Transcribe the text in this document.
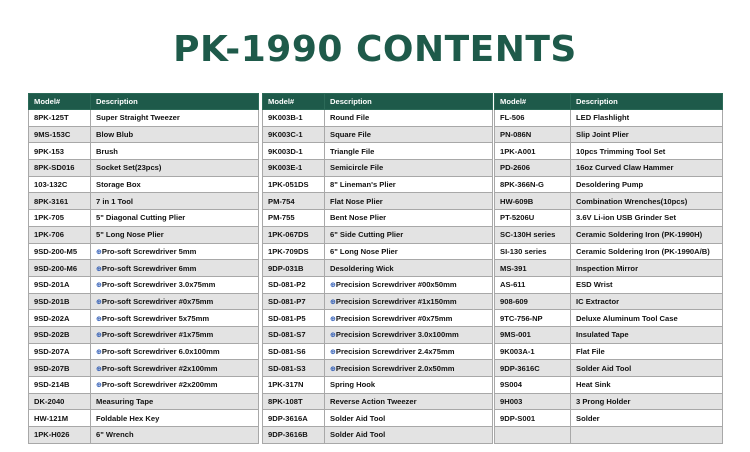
PK-1990 CONTENTS
Model#	Description
8PK-125T	Super Straight Tweezer
9MS-153C	Blow Blub
9PK-153	Brush
8PK-SD016	Socket Set(23pcs)
103-132C	Storage Box
8PK-3161	7 in 1 Tool
1PK-705	5" Diagonal Cutting Plier
1PK-706	5" Long Nose Plier
9SD-200-M5	⊕Pro-soft Screwdriver 5mm
9SD-200-M6	⊕Pro-soft Screwdriver 6mm
9SD-201A	⊕Pro-soft Screwdriver 3.0x75mm
9SD-201B	⊕Pro-soft Screwdriver #0x75mm
9SD-202A	⊕Pro-soft Screwdriver 5x75mm
9SD-202B	⊕Pro-soft Screwdriver #1x75mm
9SD-207A	⊕Pro-soft Screwdriver 6.0x100mm
9SD-207B	⊕Pro-soft Screwdriver #2x100mm
9SD-214B	⊕Pro-soft Screwdriver #2x200mm
DK-2040	Measuring Tape
HW-121M	Foldable Hex Key
1PK-H026	6" Wrench
Model#	Description
9K003B-1	Round File
9K003C-1	Square File
9K003D-1	Triangle File
9K003E-1	Semicircle File
1PK-051DS	8" Lineman's Plier
PM-754	Flat Nose Plier
PM-755	Bent Nose Plier
1PK-067DS	6" Side Cutting Plier
1PK-709DS	6" Long Nose Plier
9DP-031B	Desoldering Wick
SD-081-P2	⊕Precision Screwdriver #00x50mm
SD-081-P7	⊕Precision Screwdriver #1x150mm
SD-081-P5	⊕Precision Screwdriver #0x75mm
SD-081-S7	⊕Precision Screwdriver 3.0x100mm
SD-081-S6	⊕Precision Screwdriver 2.4x75mm
SD-081-S3	⊕Precision Screwdriver 2.0x50mm
1PK-317N	Spring Hook
8PK-108T	Reverse Action Tweezer
9DP-3616A	Solder Aid Tool
9DP-3616B	Solder Aid Tool
Model#	Description
FL-506	LED Flashlight
PN-086N	Slip Joint Plier
1PK-A001	10pcs Trimming Tool Set
PD-2606	16oz Curved Claw Hammer
8PK-366N-G	Desoldering Pump
HW-609B	Combination Wrenches(10pcs)
PT-5206U	3.6V Li-ion USB Grinder Set
SC-130H series	Ceramic Soldering Iron (PK-1990H)
SI-130 series	Ceramic Soldering Iron (PK-1990A/B)
MS-391	Inspection Mirror
AS-611	ESD Wrist
908-609	IC Extractor
9TC-756-NP	Deluxe Aluminum Tool Case
9MS-001	Insulated Tape
9K003A-1	Flat File
9DP-3616C	Solder Aid Tool
9S004	Heat Sink
9H003	3 Prong Holder
9DP-S001	Solder
